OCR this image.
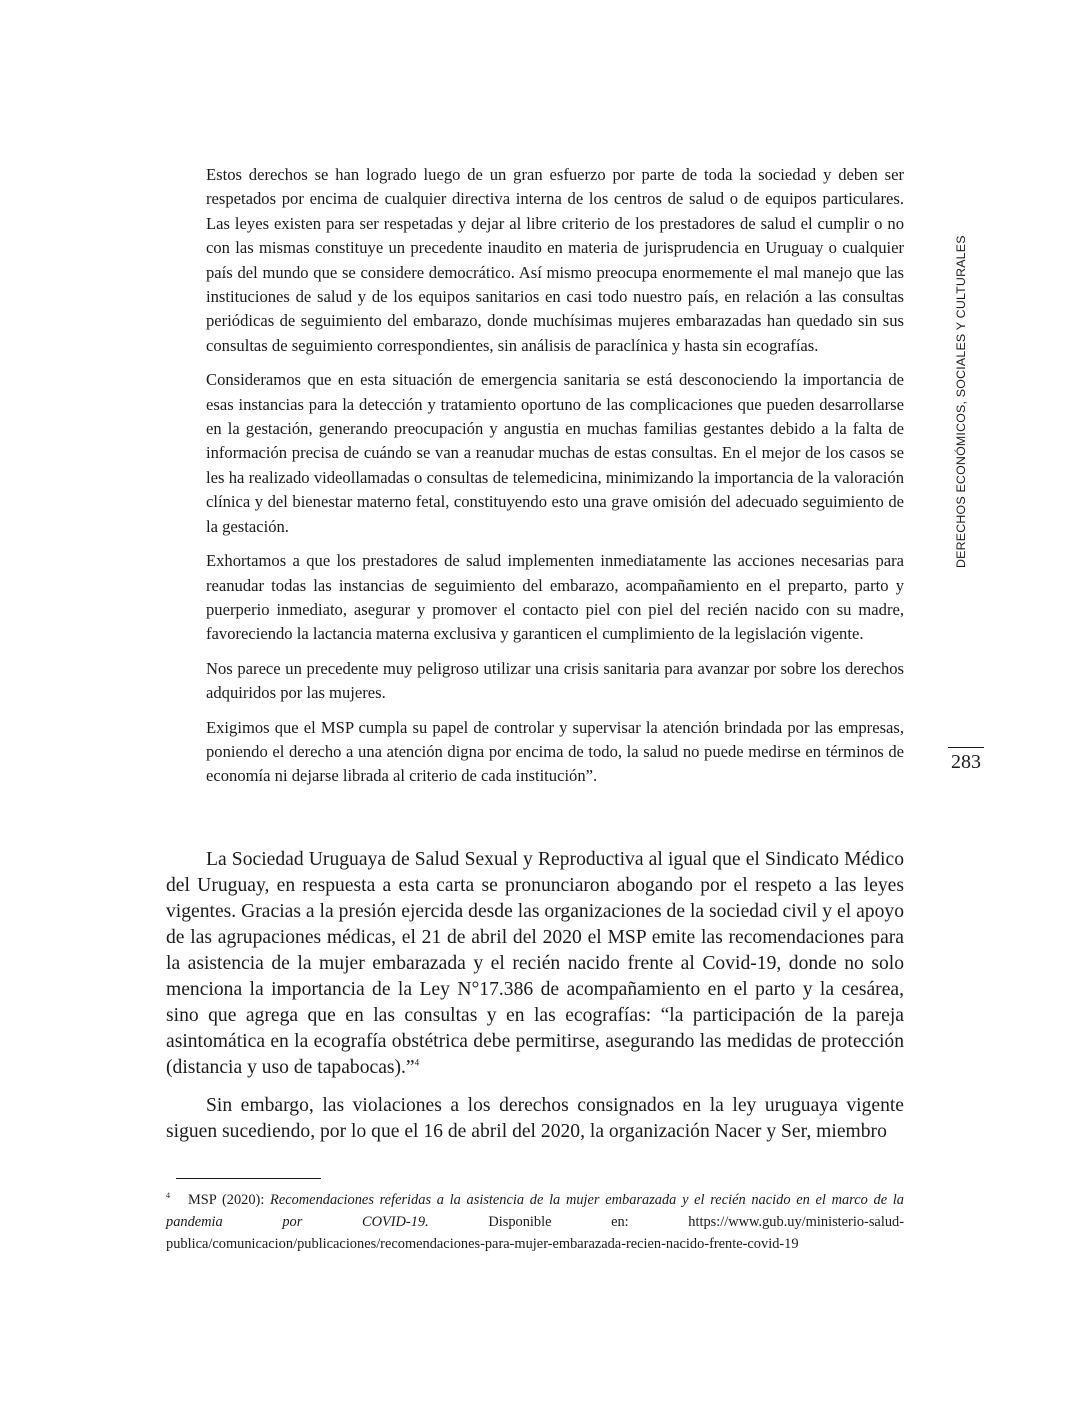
Estos derechos se han logrado luego de un gran esfuerzo por parte de toda la sociedad y deben ser respetados por encima de cualquier directiva interna de los centros de salud o de equipos particulares. Las leyes existen para ser respetadas y dejar al libre criterio de los prestadores de salud el cumplir o no con las mismas constituye un precedente inaudito en materia de jurisprudencia en Uruguay o cualquier país del mundo que se considere democrático. Así mismo preocupa enormemente el mal manejo que las instituciones de salud y de los equipos sanitarios en casi todo nuestro país, en relación a las consultas periódicas de seguimiento del embarazo, donde muchísimas mujeres embarazadas han quedado sin sus consultas de seguimiento correspondientes, sin análisis de paraclínica y hasta sin ecografías.

Consideramos que en esta situación de emergencia sanitaria se está desconociendo la importancia de esas instancias para la detección y tratamiento oportuno de las complicaciones que pueden desarrollarse en la gestación, generando preocupación y angustia en muchas familias gestantes debido a la falta de información precisa de cuándo se van a reanudar muchas de estas consultas. En el mejor de los casos se les ha realizado videollamadas o consultas de telemedicina, minimizando la importancia de la valoración clínica y del bienestar materno fetal, constituyendo esto una grave omisión del adecuado seguimiento de la gestación.

Exhortamos a que los prestadores de salud implementen inmediatamente las acciones necesarias para reanudar todas las instancias de seguimiento del embarazo, acompañamiento en el preparto, parto y puerperio inmediato, asegurar y promover el contacto piel con piel del recién nacido con su madre, favoreciendo la lactancia materna exclusiva y garanticen el cumplimiento de la legislación vigente.

Nos parece un precedente muy peligroso utilizar una crisis sanitaria para avanzar por sobre los derechos adquiridos por las mujeres.

Exigimos que el MSP cumpla su papel de controlar y supervisar la atención brindada por las empresas, poniendo el derecho a una atención digna por encima de todo, la salud no puede medirse en términos de economía ni dejarse librada al criterio de cada institución”.

La Sociedad Uruguaya de Salud Sexual y Reproductiva al igual que el Sindicato Médico del Uruguay, en respuesta a esta carta se pronunciaron abogando por el respeto a las leyes vigentes. Gracias a la presión ejercida desde las organizaciones de la sociedad civil y el apoyo de las agrupaciones médicas, el 21 de abril del 2020 el MSP emite las recomendaciones para la asistencia de la mujer embarazada y el recién nacido frente al Covid-19, donde no solo menciona la importancia de la Ley N°17.386 de acompañamiento en el parto y la cesárea, sino que agrega que en las consultas y en las ecografías: “la participación de la pareja asintomática en la ecografía obstétrica debe permitirse, asegurando las medidas de protección (distancia y uso de tapabocas).”$^4$

Sin embargo, las violaciones a los derechos consignados en la ley uruguaya vigente siguen sucediendo, por lo que el 16 de abril del 2020, la organización Nacer y Ser, miembro

DERECHOS ECONÓMICOS, SOCIALES Y CULTURALES
283
$^4$ MSP (2020): Recomendaciones referidas a la asistencia de la mujer embarazada y el recién nacido en el marco de la pandemia por COVID-19. Disponible en: https://www.gub.uy/ministerio-salud-publica/comunicacion/publicaciones/recomendaciones-para-mujer-embarazada-recien-nacido-frente-covid-19
